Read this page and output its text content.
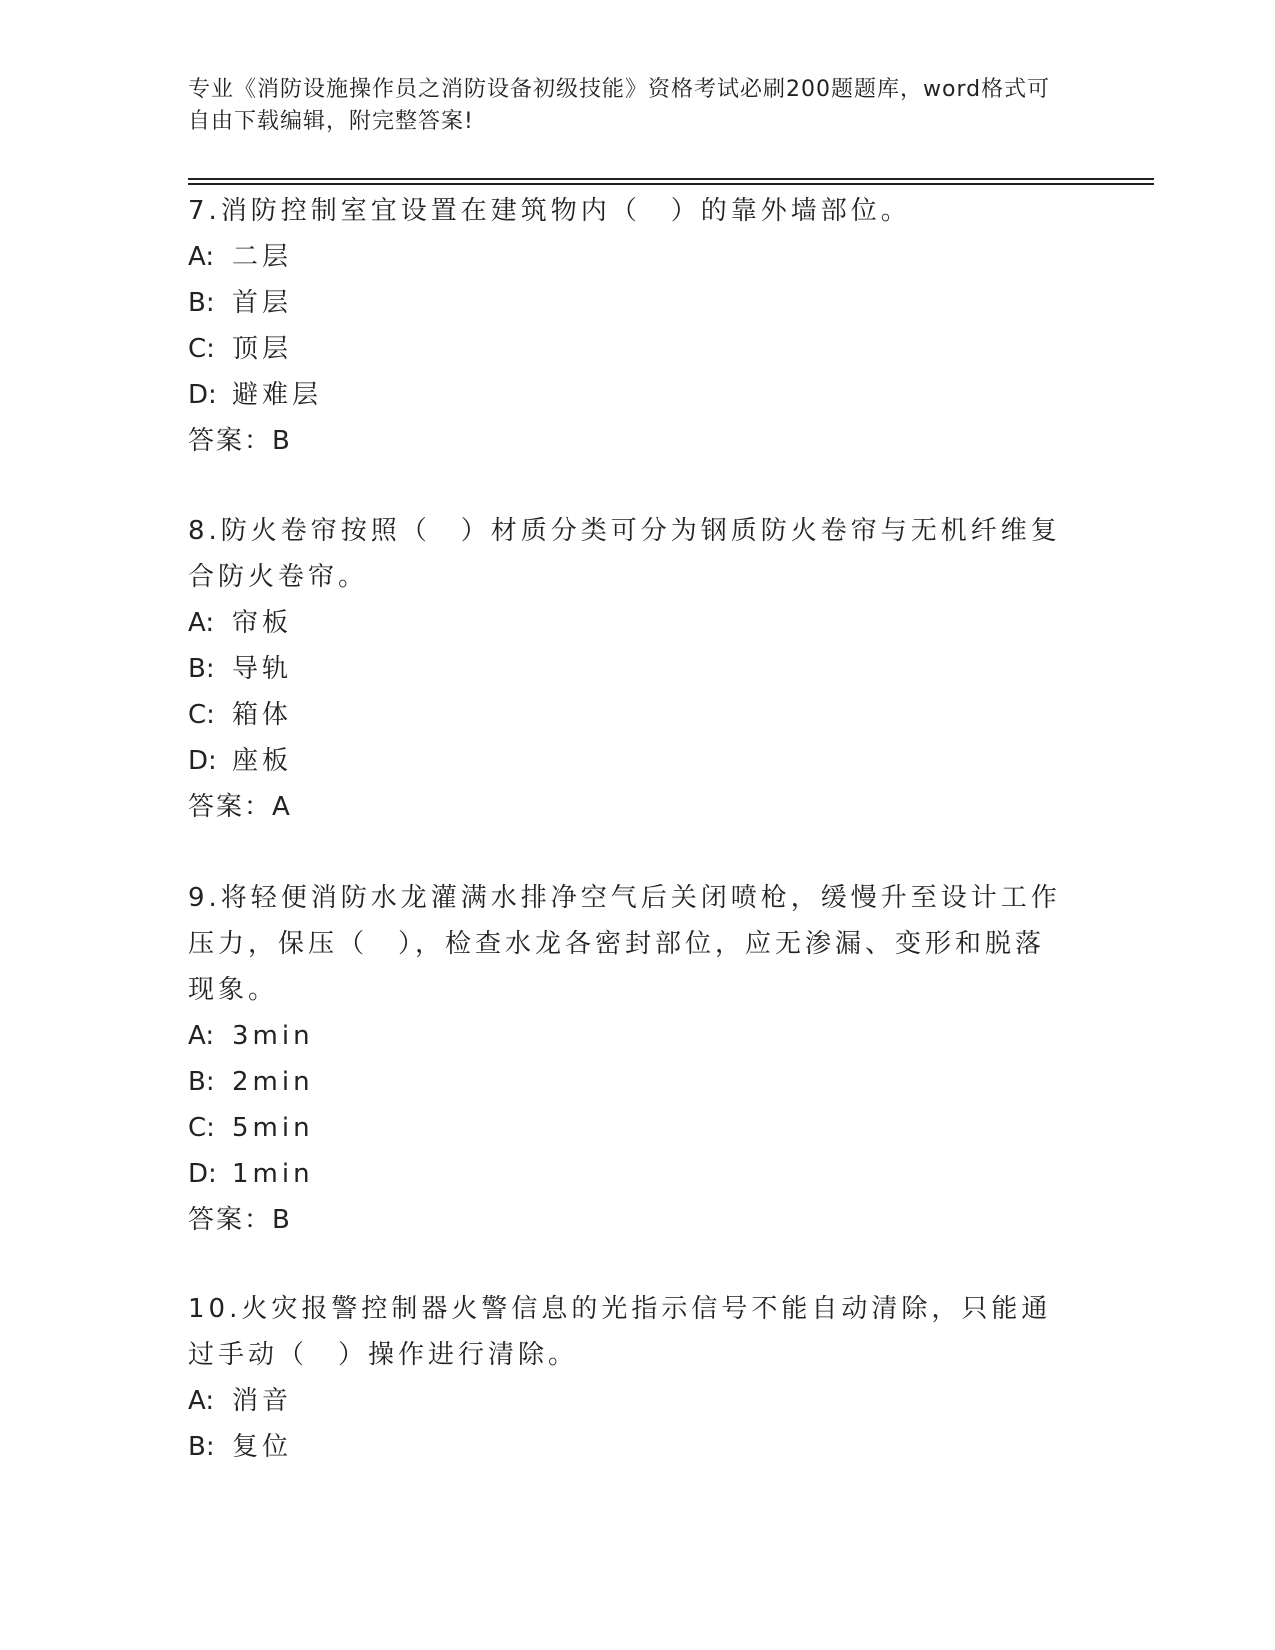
专业《消防设施操作员之消防设备初级技能》资格考试必刷200题题库，word格式可自由下载编辑，附完整答案!

7.消防控制室宜设置在建筑物内（　）的靠外墙部位。

A: 二层

B: 首层

C: 顶层

D: 避难层

答案：B

8.防火卷帘按照（　）材质分类可分为钢质防火卷帘与无机纤维复合防火卷帘。

A: 帘板

B: 导轨

C: 箱体

D: 座板

答案：A

9.将轻便消防水龙灌满水排净空气后关闭喷枪，缓慢升至设计工作压力，保压（　），检查水龙各密封部位，应无渗漏、变形和脱落现象。

A: 3min

B: 2min

C: 5min

D: 1min

答案：B

10.火灾报警控制器火警信息的光指示信号不能自动清除，只能通过手动（　）操作进行清除。

A: 消音

B: 复位
